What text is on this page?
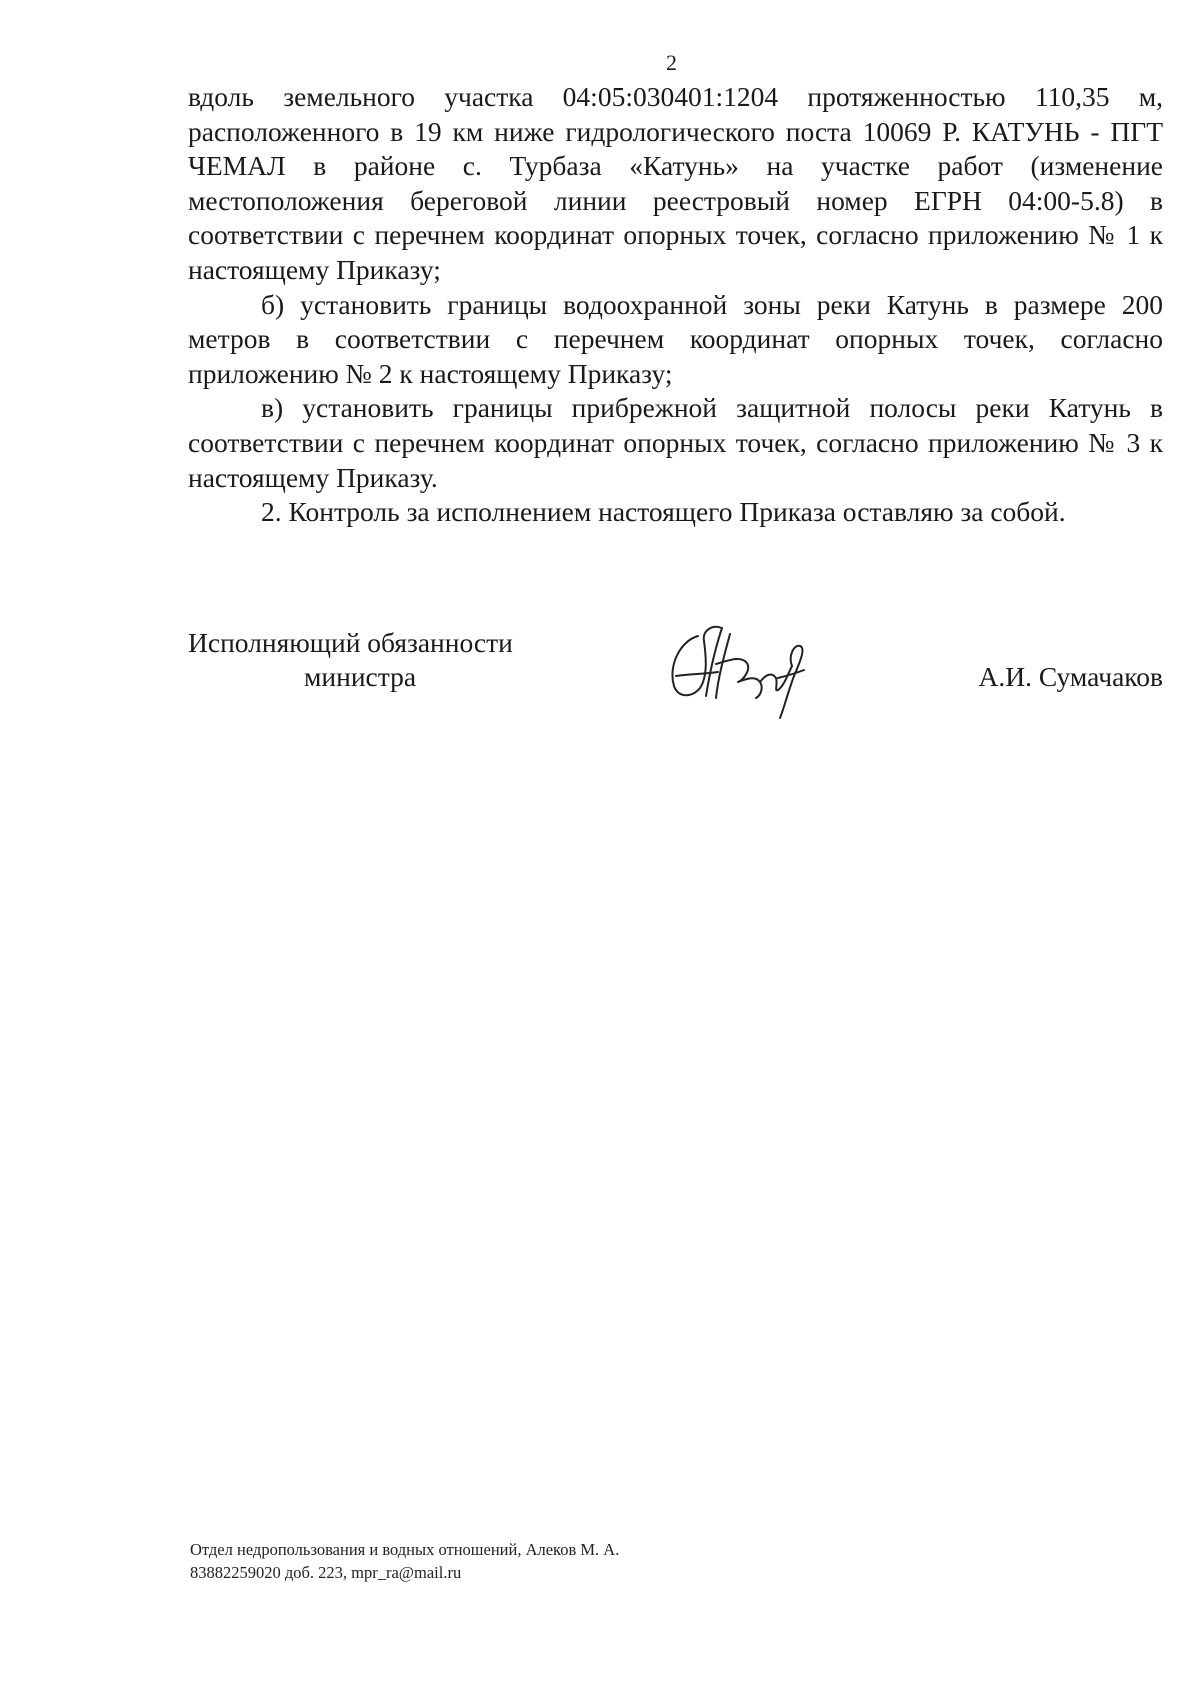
2

вдоль земельного участка 04:05:030401:1204 протяженностью 110,35 м, расположенного в 19 км ниже гидрологического поста 10069 Р. КАТУНЬ - ПГТ ЧЕМАЛ в районе с. Турбаза «Катунь» на участке работ (изменение местоположения береговой линии реестровый номер ЕГРН 04:00-5.8) в соответствии с перечнем координат опорных точек, согласно приложению № 1 к настоящему Приказу;

б) установить границы водоохранной зоны реки Катунь в размере 200 метров в соответствии с перечнем координат опорных точек, согласно приложению № 2 к настоящему Приказу;

в) установить границы прибрежной защитной полосы реки Катунь в соответствии с перечнем координат опорных точек, согласно приложению № 3 к настоящему Приказу.

2. Контроль за исполнением настоящего Приказа оставляю за собой.

Исполняющий обязанности
министра	А.И. Сумачаков
Отдел недропользования и водных отношений, Алеков М. А.
83882259020 доб. 223, mpr_ra@mail.ru
